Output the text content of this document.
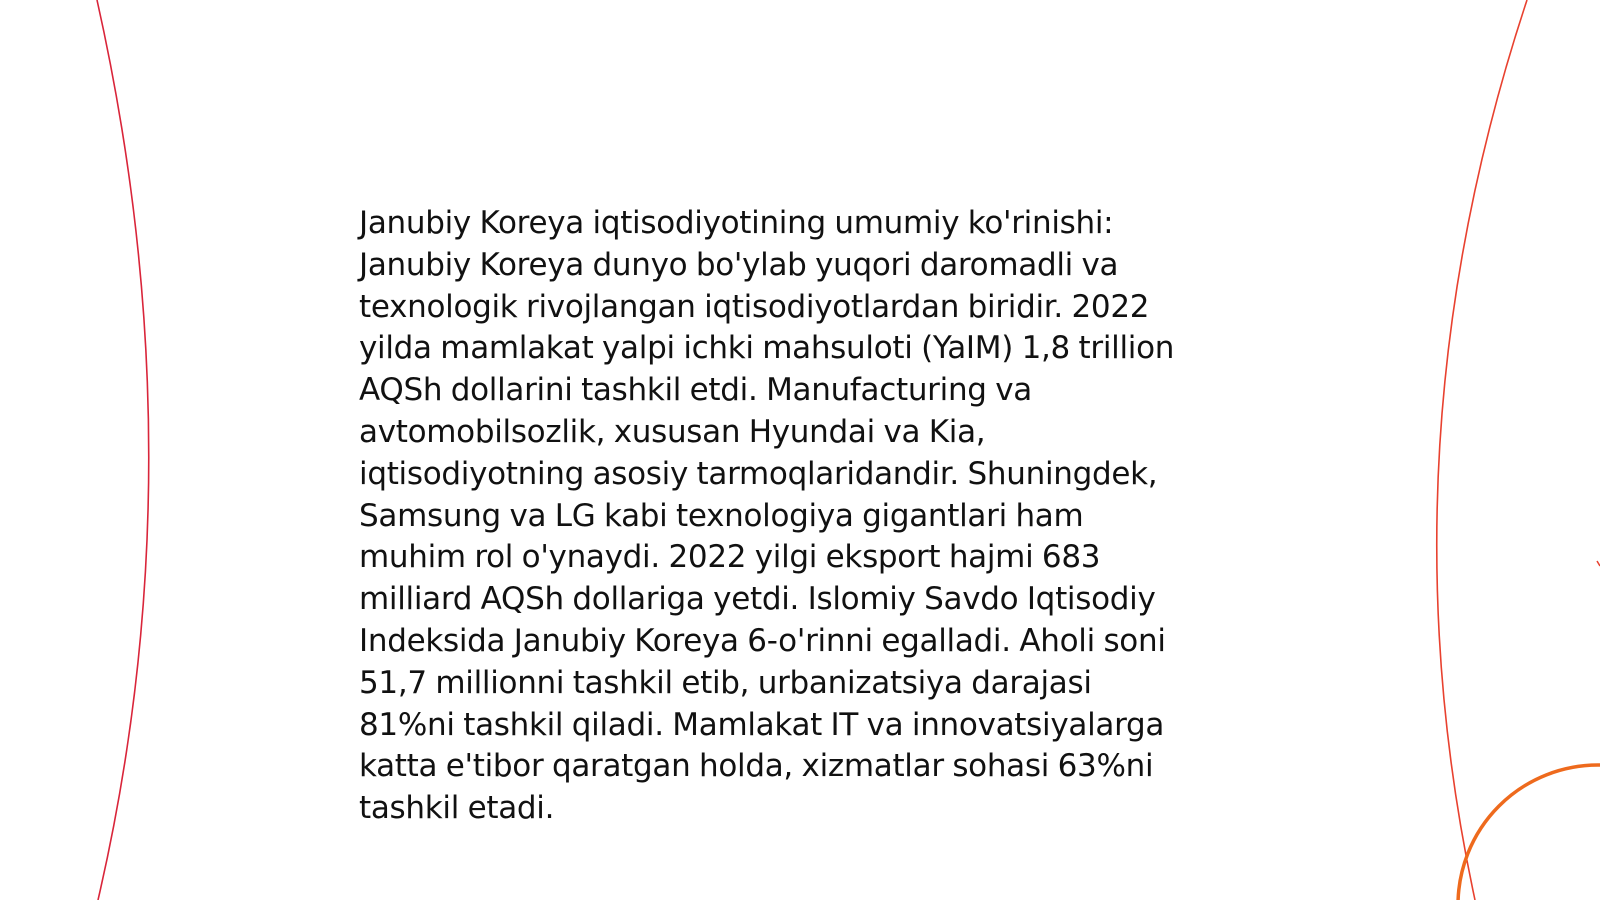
Janubiy Koreya iqtisodiyotining umumiy ko'rinishi:
Janubiy Koreya dunyo bo'ylab yuqori daromadli va
texnologik rivojlangan iqtisodiyotlardan biridir. 2022
yilda mamlakat yalpi ichki mahsuloti (YaIM) 1,8 trillion
AQSh dollarini tashkil etdi. Manufacturing va
avtomobilsozlik, xususan Hyundai va Kia,
iqtisodiyotning asosiy tarmoqlaridandir. Shuningdek,
Samsung va LG kabi texnologiya gigantlari ham
muhim rol o'ynaydi. 2022 yilgi eksport hajmi 683
milliard AQSh dollariga yetdi. Islomiy Savdo Iqtisodiy
Indeksida Janubiy Koreya 6-o'rinni egalladi. Aholi soni
51,7 millionni tashkil etib, urbanizatsiya darajasi
81%ni tashkil qiladi. Mamlakat IT va innovatsiyalarga
katta e'tibor qaratgan holda, xizmatlar sohasi 63%ni
tashkil etadi.
